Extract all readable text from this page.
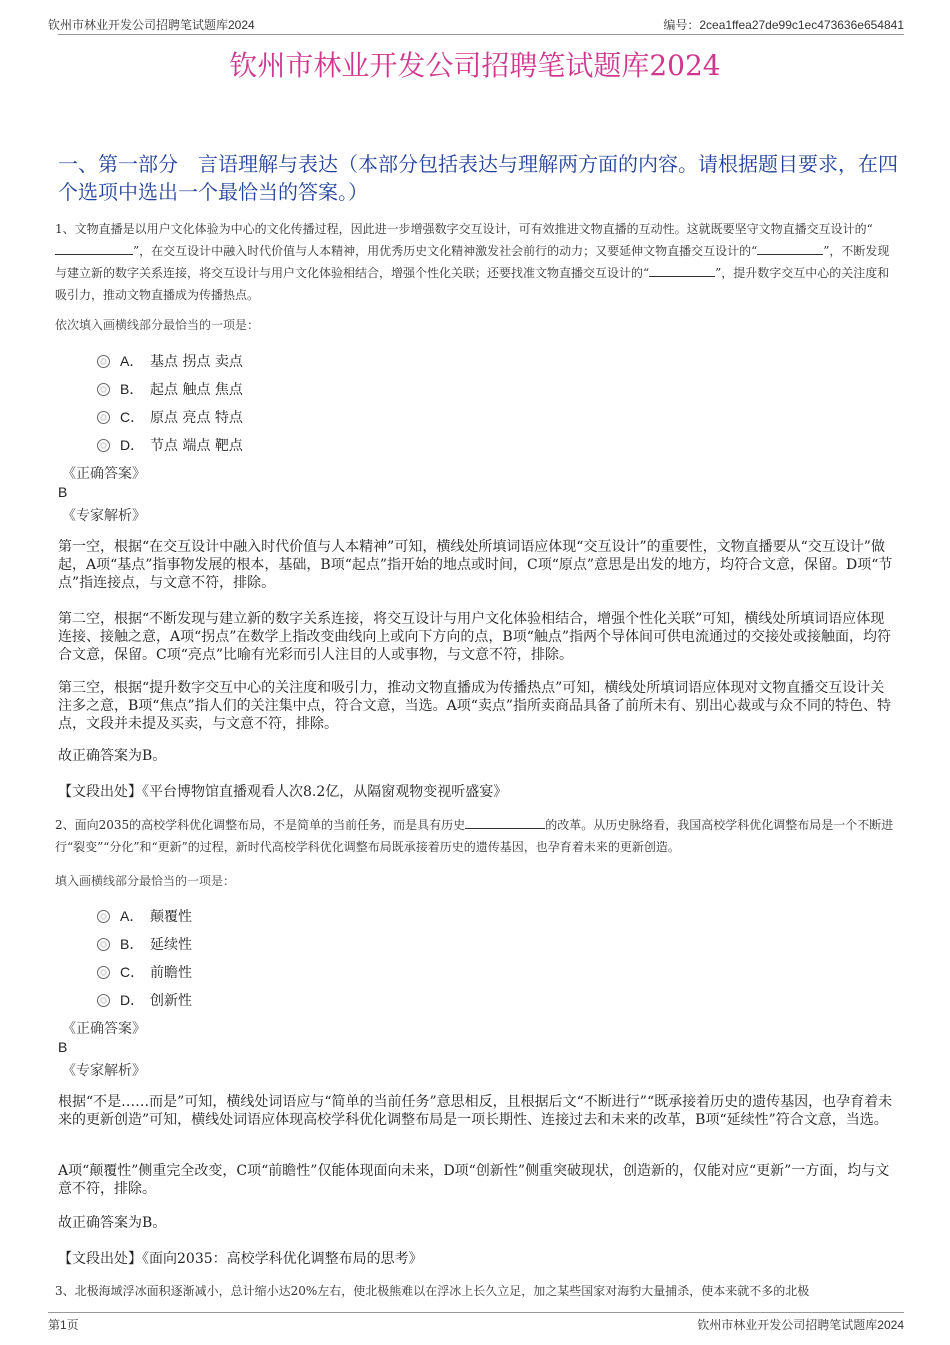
钦州市林业开发公司招聘笔试题库2024	编号：2cea1ffea27de99c1ec473636e654841
钦州市林业开发公司招聘笔试题库2024
一、第一部分　言语理解与表达（本部分包括表达与理解两方面的内容。请根据题目要求，在四个选项中选出一个最恰当的答案。）
1、文物直播是以用户文化体验为中心的文化传播过程，因此进一步增强数字交互设计，可有效推进文物直播的互动性。这就既要坚守文物直播交互设计的“”，在交互设计中融入时代价值与人本精神，用优秀历史文化精神激发社会前行的动力；又要延伸文物直播交互设计的“	”，不断发现与建立新的数字关系连接，将交互设计与用户文化体验相结合，增强个性化关联；还要找准文物直播交互设计的“	”，提升数字交互中心的关注度和吸引力，推动文物直播成为传播热点。
依次填入画横线部分最恰当的一项是：
A． 基点 拐点 卖点
B． 起点 触点 焦点
C． 原点 亮点 特点
D． 节点 端点 靶点
《正确答案》
B
《专家解析》
第一空，根据“在交互设计中融入时代价值与人本精神”可知，横线处所填词语应体现“交互设计”的重要性，文物直播要从“交互设计”做起，A项“基点”指事物发展的根本，基础，B项“起点”指开始的地点或时间，C项“原点”意思是出发的地方，均符合文意，保留。D项“节点”指连接点，与文意不符，排除。
第二空，根据“不断发现与建立新的数字关系连接，将交互设计与用户文化体验相结合，增强个性化关联”可知，横线处所填词语应体现连接、接触之意，A项“拐点”在数学上指改变曲线向上或向下方向的点，B项“触点”指两个导体间可供电流通过的交接处或接触面，均符合文意，保留。C项“亮点”比喻有光彩而引人注目的人或事物，与文意不符，排除。
第三空，根据“提升数字交互中心的关注度和吸引力，推动文物直播成为传播热点”可知，横线处所填词语应体现对文物直播交互设计关注多之意，B项“焦点”指人们的关注集中点，符合文意，当选。A项“卖点”指所卖商品具备了前所未有、别出心裁或与众不同的特色、特点，文段并未提及买卖，与文意不符，排除。
故正确答案为B。
【文段出处】《平台博物馆直播观看人次8.2亿，从隔窗观物变视听盛宴》
2、面向2035的高校学科优化调整布局，不是简单的当前任务，而是具有历史	的改革。从历史脉络看，我国高校学科优化调整布局是一个不断进行“裂变”“分化”和“更新”的过程，新时代高校学科优化调整布局既承接着历史的遗传基因，也孕育着未来的更新创造。
填入画横线部分最恰当的一项是：
A． 颠覆性
B． 延续性
C． 前瞻性
D． 创新性
《正确答案》
B
《专家解析》
根据“不是……而是”可知，横线处词语应与“简单的当前任务”意思相反，且根据后文“不断进行”“既承接着历史的遗传基因，也孕育着未来的更新创造”可知，横线处词语应体现高校学科优化调整布局是一项长期性、连接过去和未来的改革，B项“延续性”符合文意，当选。
A项“颠覆性”侧重完全改变，C项“前瞻性”仅能体现面向未来，D项“创新性”侧重突破现状，创造新的，仅能对应“更新”一方面，均与文意不符，排除。
故正确答案为B。
【文段出处】《面向2035：高校学科优化调整布局的思考》
3、北极海域浮冰面积逐渐减小，总计缩小达20%左右，使北极熊难以在浮冰上长久立足，加之某些国家对海豹大量捕杀，使本来就不多的北极
第1页	钦州市林业开发公司招聘笔试题库2024
